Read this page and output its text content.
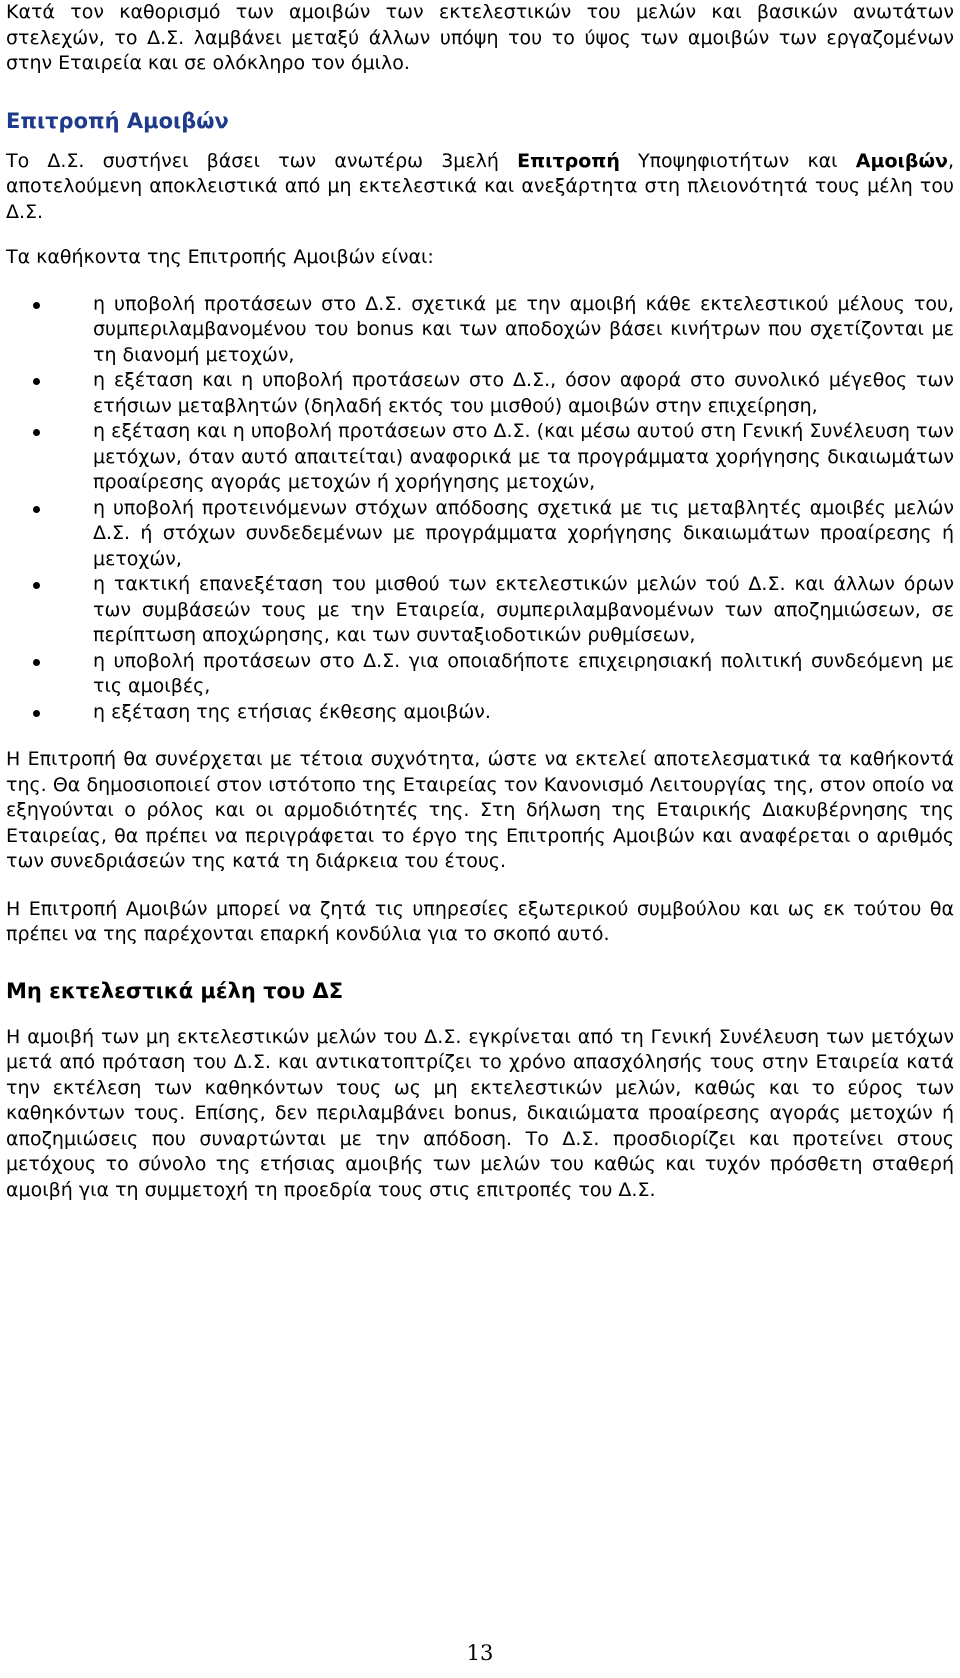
Κατά τον καθορισμό των αμοιβών των εκτελεστικών του μελών και βασικών ανωτάτων στελεχών, το Δ.Σ. λαμβάνει μεταξύ άλλων υπόψη του το ύψος των αμοιβών των εργαζομένων στην Εταιρεία και σε ολόκληρο τον όμιλο.

Επιτροπή Αμοιβών

Το Δ.Σ. συστήνει βάσει των ανωτέρω 3μελή Επιτροπή Υποψηφιοτήτων και Αμοιβών, αποτελούμενη αποκλειστικά από μη εκτελεστικά και ανεξάρτητα στη πλειονότητά τους μέλη του Δ.Σ.

Τα καθήκοντα της Επιτροπής Αμοιβών είναι:

η υποβολή προτάσεων στο Δ.Σ. σχετικά με την αμοιβή κάθε εκτελεστικού μέλους του, συμπεριλαμβανομένου του bonus και των αποδοχών βάσει κινήτρων που σχετίζονται με τη διανομή μετοχών,
η εξέταση και η υποβολή προτάσεων στο Δ.Σ., όσον αφορά στο συνολικό μέγεθος των ετήσιων μεταβλητών (δηλαδή εκτός του μισθού) αμοιβών στην επιχείρηση,
η εξέταση και η υποβολή προτάσεων στο Δ.Σ. (και μέσω αυτού στη Γενική Συνέλευση των μετόχων, όταν αυτό απαιτείται) αναφορικά με τα προγράμματα χορήγησης δικαιωμάτων προαίρεσης αγοράς μετοχών ή χορήγησης μετοχών,
η υποβολή προτεινόμενων στόχων απόδοσης σχετικά με τις μεταβλητές αμοιβές μελών Δ.Σ. ή στόχων συνδεδεμένων με προγράμματα χορήγησης δικαιωμάτων προαίρεσης ή μετοχών,
η τακτική επανεξέταση του μισθού των εκτελεστικών μελών τού Δ.Σ. και άλλων όρων των συμβάσεών τους με την Εταιρεία, συμπεριλαμβανομένων των αποζημιώσεων, σε περίπτωση αποχώρησης, και των συνταξιοδοτικών ρυθμίσεων,
η υποβολή προτάσεων στο Δ.Σ. για οποιαδήποτε επιχειρησιακή πολιτική συνδεόμενη με τις αμοιβές,
η εξέταση της ετήσιας έκθεσης αμοιβών.

Η Επιτροπή θα συνέρχεται με τέτοια συχνότητα, ώστε να εκτελεί αποτελεσματικά τα καθήκοντά της. Θα δημοσιοποιεί στον ιστότοπο της Εταιρείας τον Κανονισμό Λειτουργίας της, στον οποίο να εξηγούνται ο ρόλος και οι αρμοδιότητές της. Στη δήλωση της Εταιρικής Διακυβέρνησης της Εταιρείας, θα πρέπει να περιγράφεται το έργο της Επιτροπής Αμοιβών και αναφέρεται ο αριθμός των συνεδριάσεών της κατά τη διάρκεια του έτους.

Η Επιτροπή Αμοιβών μπορεί να ζητά τις υπηρεσίες εξωτερικού συμβούλου και ως εκ τούτου θα πρέπει να της παρέχονται επαρκή κονδύλια για το σκοπό αυτό.

Μη εκτελεστικά μέλη του ΔΣ

Η αμοιβή των μη εκτελεστικών μελών του Δ.Σ. εγκρίνεται από τη Γενική Συνέλευση των μετόχων μετά από πρόταση του Δ.Σ. και αντικατοπτρίζει το χρόνο απασχόλησής τους στην Εταιρεία κατά την εκτέλεση των καθηκόντων τους ως μη εκτελεστικών μελών, καθώς και το εύρος των καθηκόντων τους. Επίσης, δεν περιλαμβάνει bonus, δικαιώματα προαίρεσης αγοράς μετοχών ή αποζημιώσεις που συναρτώνται με την απόδοση. Το Δ.Σ. προσδιορίζει και προτείνει στους μετόχους το σύνολο της ετήσιας αμοιβής των μελών του καθώς και τυχόν πρόσθετη σταθερή αμοιβή για τη συμμετοχή τη προεδρία τους στις επιτροπές του Δ.Σ.

13
